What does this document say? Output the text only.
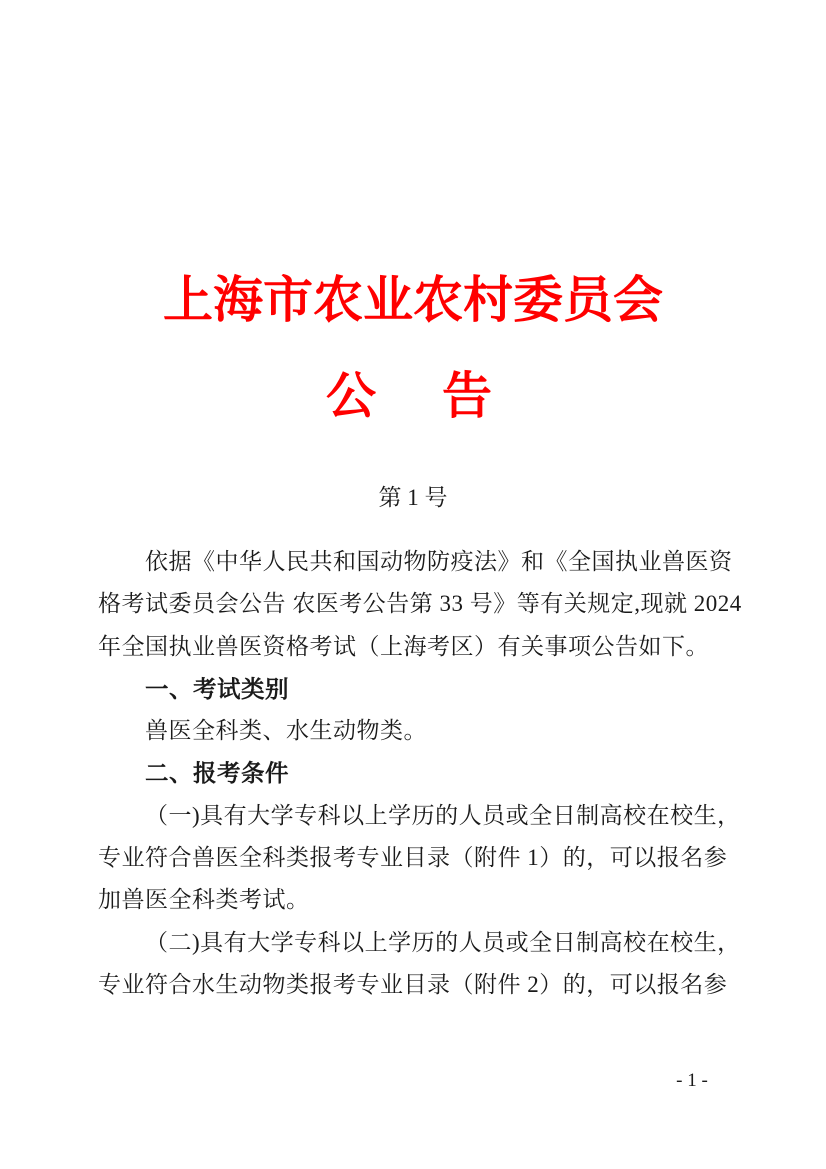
上海市农业农村委员会
公　告
第 1 号
依据《中华人民共和国动物防疫法》和《全国执业兽医资
格考试委员会公告 农医考公告第 33 号》等有关规定,现就 2024
年全国执业兽医资格考试（上海考区）有关事项公告如下。
一、考试类别
兽医全科类、水生动物类。
二、报考条件
（一)具有大学专科以上学历的人员或全日制高校在校生，
专业符合兽医全科类报考专业目录（附件 1）的，可以报名参
加兽医全科类考试。
（二)具有大学专科以上学历的人员或全日制高校在校生，
专业符合水生动物类报考专业目录（附件 2）的，可以报名参
- 1 -
